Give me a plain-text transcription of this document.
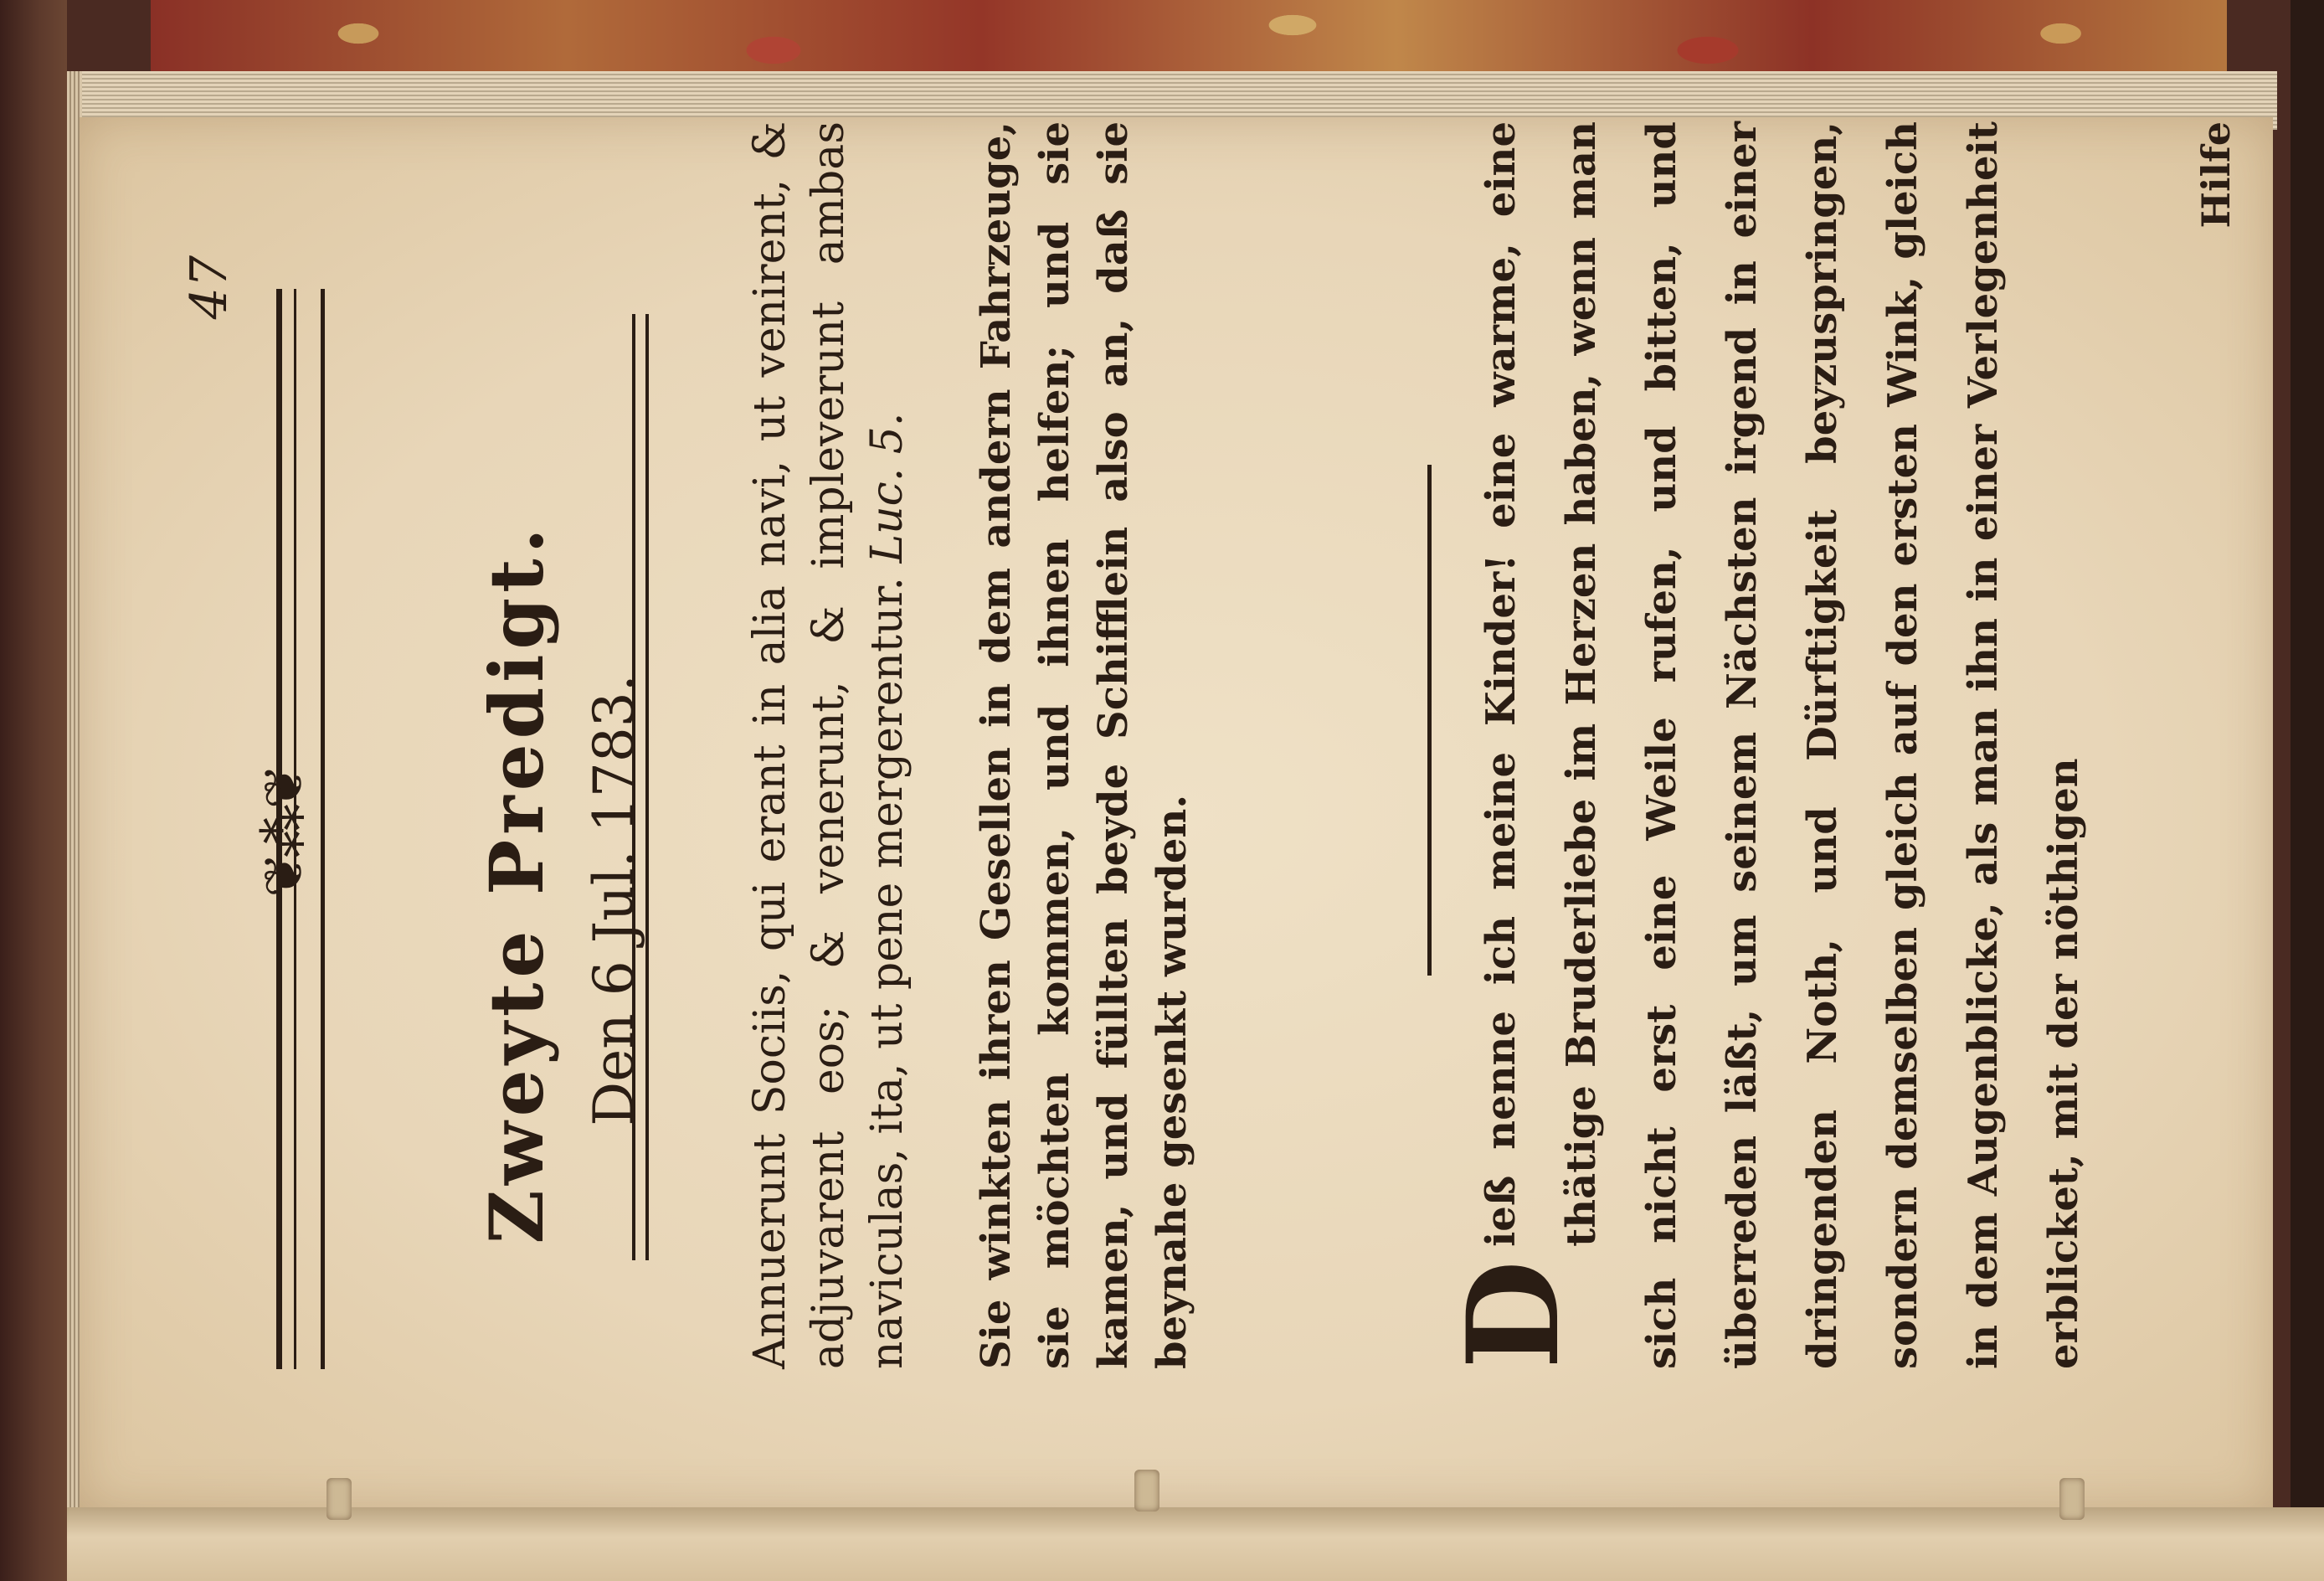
47
❦⁂❦	Zweyte Predigt. Den 6 Jul. 1783. Annuerunt Sociis, qui erant in alia navi, ut venirent, & adjuvarent eos; & venerunt, & impleverunt ambas naviculas, ita, ut pene mergerentur. Luc. 5. Sie winkten ihren Gesellen in dem andern Fahrzeuge, sie möchten kommen, und ihnen helfen; und sie kamen, und füllten beyde Schifflein also an, daß sie beynahe gesenkt wurden. D
ieß nenne ich meine Kinder! eine warme, eine thätige Bruderliebe im Herzen haben, wenn man sich nicht erst eine Weile rufen, und bitten, und überreden läßt, um seinem Nächsten irgend in einer dringenden Noth, und Dürftigkeit beyzuspringen, sondern demselben gleich auf den ersten Wink, gleich in dem Augenblicke, als man ihn in einer Verlegenheit erblicket, mit der nöthigen
Hilfe
